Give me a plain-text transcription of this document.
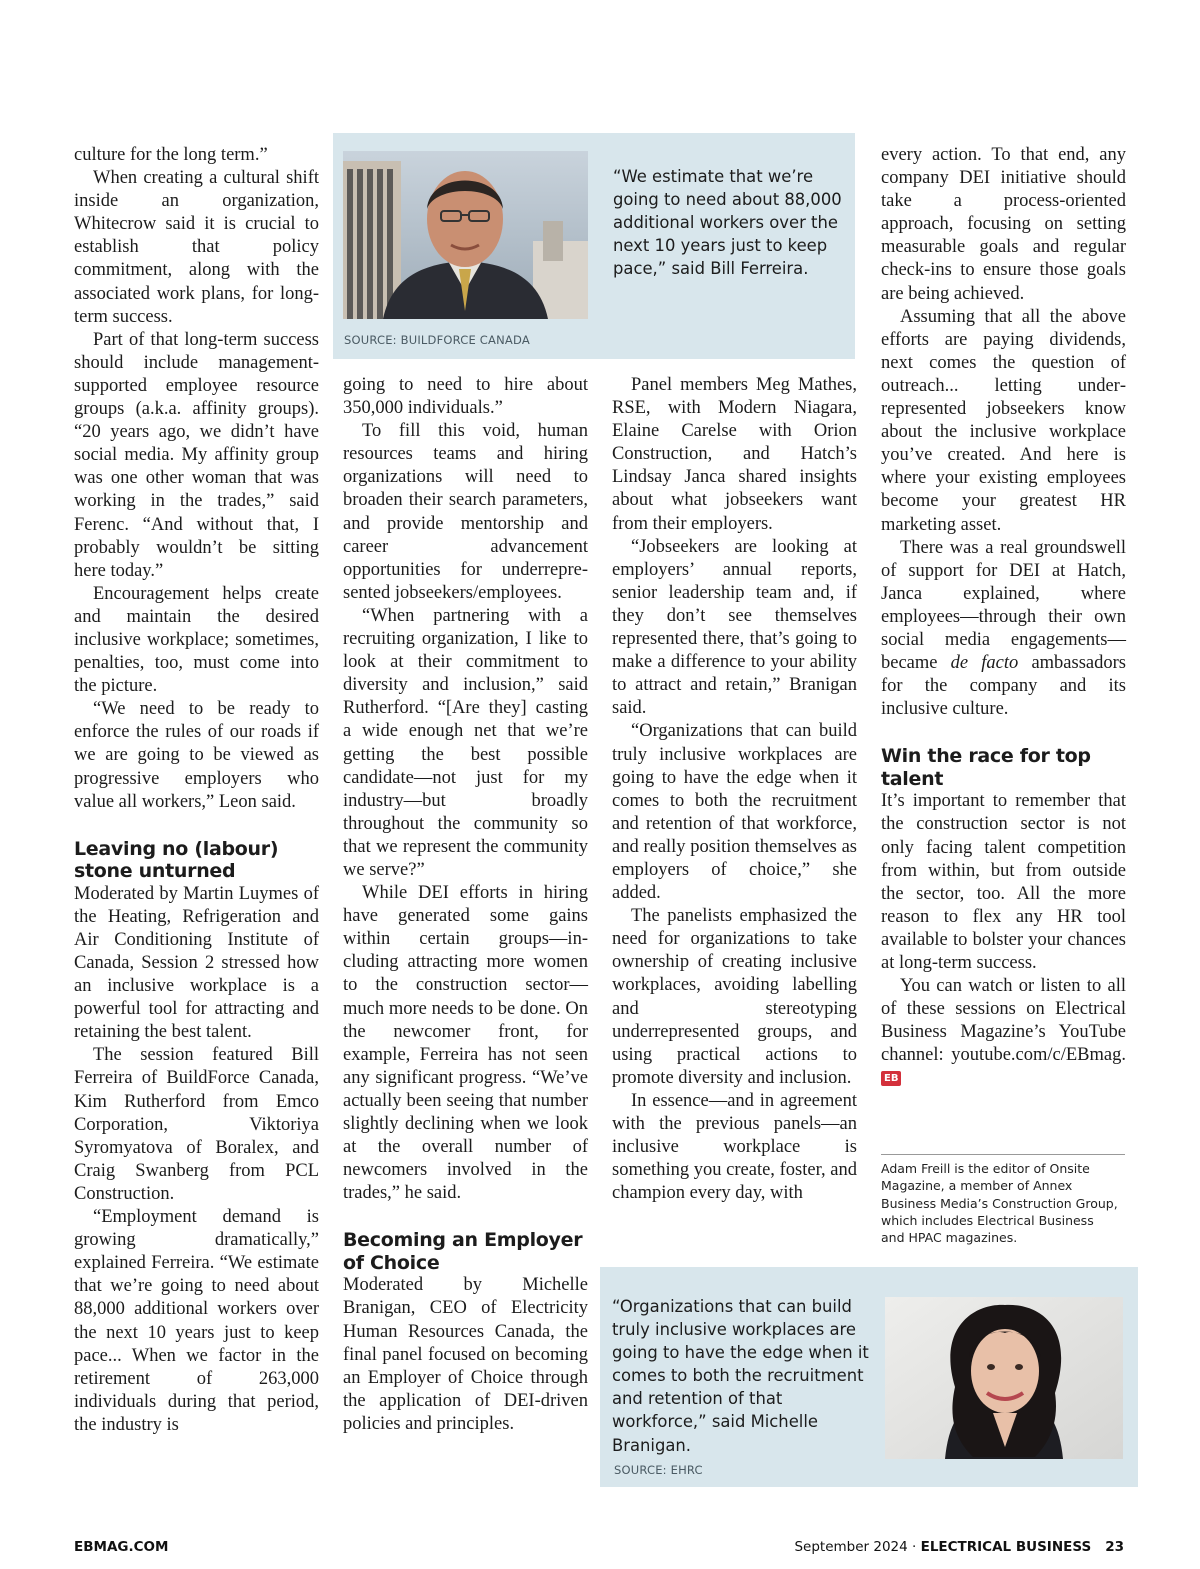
culture for the long term.”

When creating a cultural shift inside an organization, Whitecrow said it is crucial to establish that policy commitment, along with the associated work plans, for long-term success.

Part of that long-term success should include management-supported employee resource groups (a.k.a. affinity groups). “20 years ago, we didn’t have social media. My affinity group was one other woman that was working in the trades,” said Ferenc. “And without that, I probably wouldn’t be sitting here today.”

Encouragement helps create and maintain the desired inclusive workplace; sometimes, penalties, too, must come into the picture.

“We need to be ready to enforce the rules of our roads if we are going to be viewed as progressive employers who value all workers,” Leon said.

Leaving no (labour) stone unturned

Moderated by Martin Luymes of the Heating, Refrigeration and Air Conditioning Institute of Canada, Session 2 stressed how an inclusive workplace is a powerful tool for attracting and retaining the best talent.

The session featured Bill Ferreira of BuildForce Canada, Kim Rutherford from Emco Corporation, Viktoriya Syromyatova of Boralex, and Craig Swanberg from PCL Construction.

“Employment demand is growing dramatically,” explained Ferreira. “We estimate that we’re going to need about 88,000 additional workers over the next 10 years just to keep pace... When we factor in the retirement of 263,000 individuals during that period, the industry is

“We estimate that we’re going to need about 88,000 additional workers over the next 10 years just to keep pace,” said Bill Ferreira.
SOURCE: BUILDFORCE CANADA

going to need to hire about 350,000 individuals.”

To fill this void, human resources teams and hiring organizations will need to broaden their search parameters, and provide mentorship and career advancement opportunities for underrepresented jobseekers/employees.

“When partnering with a recruiting organization, I like to look at their commitment to diversity and inclusion,” said Rutherford. “[Are they] casting a wide enough net that we’re getting the best possible candidate—not just for my industry—but broadly throughout the community so that we represent the community we serve?”

While DEI efforts in hiring have generated some gains within certain groups—including attracting more women to the construction sector—much more needs to be done. On the newcomer front, for example, Ferreira has not seen any significant progress. “We’ve actually been seeing that number slightly declining when we look at the overall number of newcomers involved in the trades,” he said.

Becoming an Employer of Choice

Moderated by Michelle Branigan, CEO of Electricity Human Resources Canada, the final panel focused on becoming an Employer of Choice through the application of DEI-driven policies and principles.

Panel members Meg Mathes, RSE, with Modern Niagara, Elaine Carelse with Orion Construction, and Hatch’s Lindsay Janca shared insights about what jobseekers want from their employers.

“Jobseekers are looking at employers’ annual reports, senior leadership team and, if they don’t see themselves represented there, that’s going to make a difference to your ability to attract and retain,” Branigan said.

“Organizations that can build truly inclusive workplaces are going to have the edge when it comes to both the recruitment and retention of that workforce, and really position themselves as employers of choice,” she added.

The panelists emphasized the need for organizations to take ownership of creating inclusive workplaces, avoiding labelling and stereotyping underrepresented groups, and using practical actions to promote diversity and inclusion.

In essence—and in agreement with the previous panels—an inclusive workplace is something you create, foster, and champion every day, with

every action. To that end, any company DEI initiative should take a process-oriented approach, focusing on setting measurable goals and regular check-ins to ensure those goals are being achieved.

Assuming that all the above efforts are paying dividends, next comes the question of outreach... letting underrepresented jobseekers know about the inclusive workplace you’ve created. And here is where your existing employees become your greatest HR marketing asset.

There was a real groundswell of support for DEI at Hatch, Janca explained, where employees—through their own social media engagements—became de facto ambassadors for the company and its inclusive culture.

Win the race for top talent

It’s important to remember that the construction sector is not only facing talent competition from within, but from outside the sector, too. All the more reason to flex any HR tool available to bolster your chances at long-term success.

You can watch or listen to all of these sessions on Electrical Business Magazine’s YouTube channel: youtube.com/c/EBmag. EB

Adam Freill is the editor of Onsite Magazine, a member of Annex Business Media’s Construction Group, which includes Electrical Business and HPAC magazines.
“Organizations that can build truly inclusive workplaces are going to have the edge when it comes to both the recruitment and retention of that workforce,” said Michelle Branigan.
SOURCE: EHRC
EBMAG.COM	September 2024 · ELECTRICAL BUSINESS 23
